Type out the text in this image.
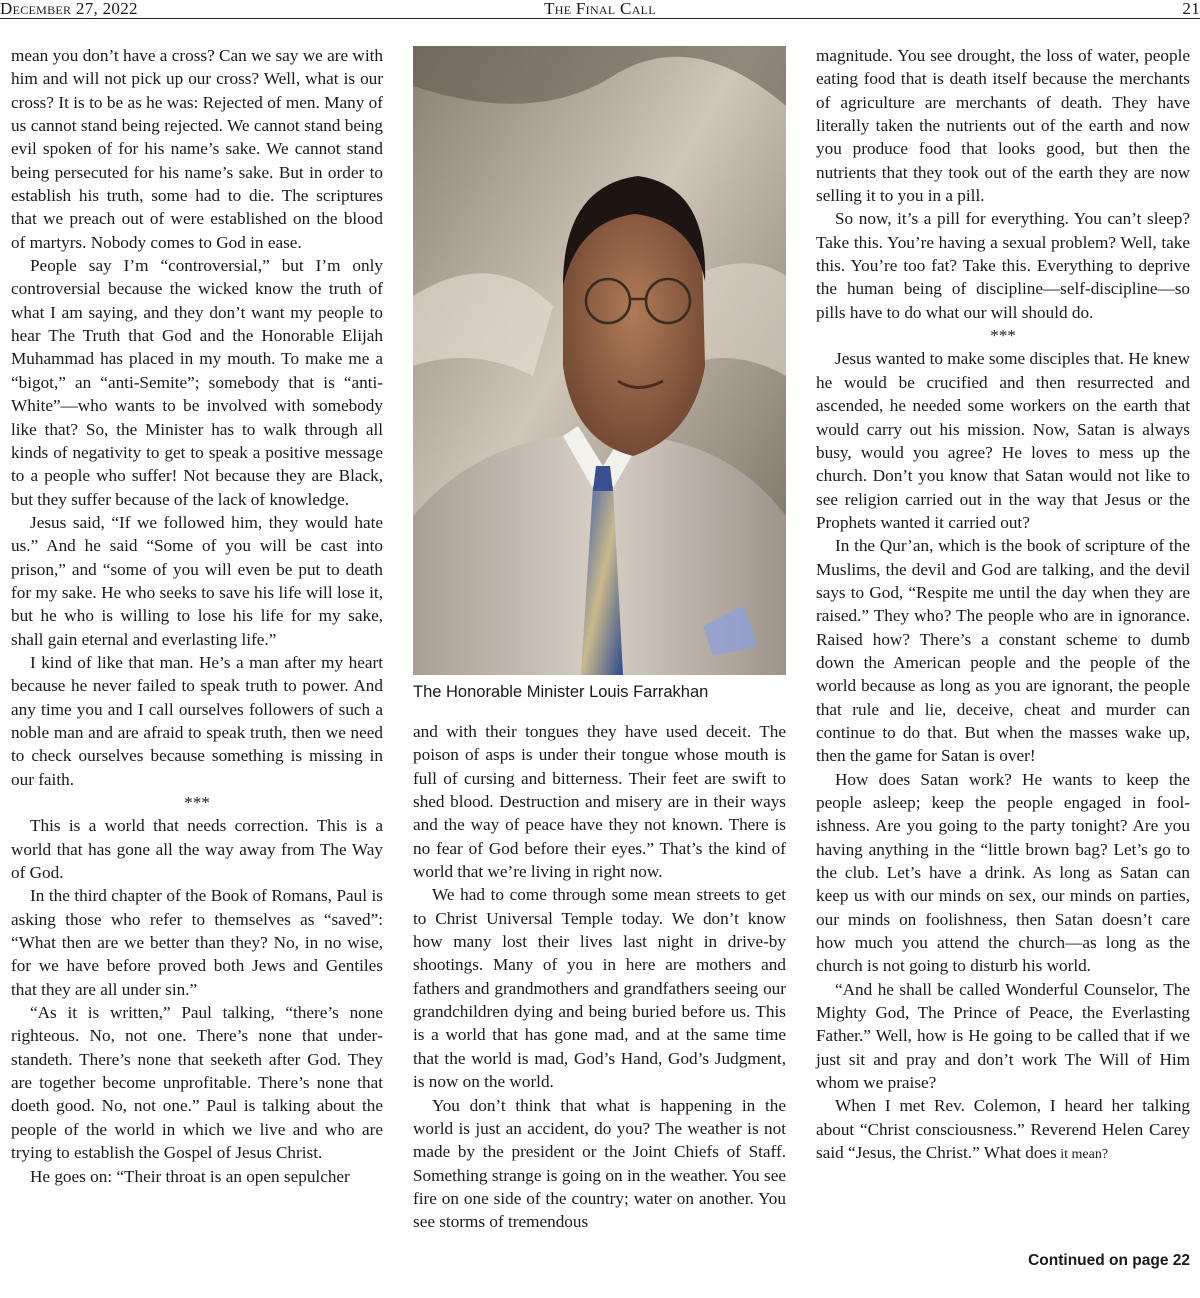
December 27, 2022	The Final Call	21

mean you don’t have a cross? Can we say we are with him and will not pick up our cross? Well, what is our cross? It is to be as he was: Rejected of men. Many of us cannot stand being rejected. We cannot stand being evil spoken of for his name’s sake. We cannot stand being persecuted for his name’s sake. But in order to establish his truth, some had to die. The scriptures that we preach out of were established on the blood of martyrs. Nobody comes to God in ease.

People say I’m “controversial,” but I’m only controversial because the wicked know the truth of what I am saying, and they don’t want my people to hear The Truth that God and the Honorable Elijah Muhammad has placed in my mouth. To make me a “bigot,” an “anti-Semite”; somebody that is “anti-White”—who wants to be involved with somebody like that? So, the Minister has to walk through all kinds of negativity to get to speak a positive message to a people who suffer! Not because they are Black, but they suffer because of the lack of knowledge.

Jesus said, “If we followed him, they would hate us.” And he said “Some of you will be cast into prison,” and “some of you will even be put to death for my sake. He who seeks to save his life will lose it, but he who is willing to lose his life for my sake, shall gain eternal and everlasting life.”

I kind of like that man. He’s a man after my heart because he never failed to speak truth to power. And any time you and I call ourselves followers of such a noble man and are afraid to speak truth, then we need to check ourselves because something is missing in our faith.

***

This is a world that needs correction. This is a world that has gone all the way away from The Way of God.

In the third chapter of the Book of Romans, Paul is asking those who refer to themselves as “saved”: “What then are we better than they? No, in no wise, for we have before proved both Jews and Gentiles that they are all under sin.”

“As it is written,” Paul talking, “there’s none righteous. No, not one. There’s none that understandeth. There’s none that seeketh after God. They are together become unprofitable. There’s none that doeth good. No, not one.” Paul is talking about the people of the world in which we live and who are trying to establish the Gospel of Jesus Christ.

He goes on: “Their throat is an open sepulcher

The Honorable Minister Louis Farrakhan

and with their tongues they have used deceit. The poison of asps is under their tongue whose mouth is full of cursing and bitterness. Their feet are swift to shed blood. Destruction and misery are in their ways and the way of peace have they not known. There is no fear of God before their eyes.” That’s the kind of world that we’re living in right now.

We had to come through some mean streets to get to Christ Universal Temple today. We don’t know how many lost their lives last night in drive-by shootings. Many of you in here are mothers and fathers and grandmothers and grandfathers seeing our grandchildren dying and being buried before us. This is a world that has gone mad, and at the same time that the world is mad, God’s Hand, God’s Judgment, is now on the world.

You don’t think that what is happening in the world is just an accident, do you? The weather is not made by the president or the Joint Chiefs of Staff. Something strange is going on in the weather. You see fire on one side of the country; water on another. You see storms of tremendous

magnitude. You see drought, the loss of water, people eating food that is death itself because the merchants of agriculture are merchants of death. They have literally taken the nutrients out of the earth and now you produce food that looks good, but then the nutrients that they took out of the earth they are now selling it to you in a pill.

So now, it’s a pill for everything. You can’t sleep? Take this. You’re having a sexual problem? Well, take this. You’re too fat? Take this. Everything to deprive the human being of discipline—self-discipline—so pills have to do what our will should do.

***

Jesus wanted to make some disciples that. He knew he would be crucified and then resurrected and ascended, he needed some workers on the earth that would carry out his mission. Now, Satan is always busy, would you agree? He loves to mess up the church. Don’t you know that Satan would not like to see religion carried out in the way that Jesus or the Prophets wanted it carried out?

In the Qur’an, which is the book of scripture of the Muslims, the devil and God are talking, and the devil says to God, “Respite me until the day when they are raised.” They who? The people who are in ignorance. Raised how? There’s a constant scheme to dumb down the American people and the people of the world because as long as you are ignorant, the people that rule and lie, deceive, cheat and murder can continue to do that. But when the masses wake up, then the game for Satan is over!

How does Satan work? He wants to keep the people asleep; keep the people engaged in foolishness. Are you going to the party tonight? Are you having anything in the “little brown bag? Let’s go to the club. Let’s have a drink. As long as Satan can keep us with our minds on sex, our minds on parties, our minds on foolishness, then Satan doesn’t care how much you attend the church—as long as the church is not going to disturb his world.

“And he shall be called Wonderful Counselor, The Mighty God, The Prince of Peace, the Everlasting Father.” Well, how is He going to be called that if we just sit and pray and don’t work The Will of Him whom we praise?

When I met Rev. Colemon, I heard her talking about “Christ consciousness.” Reverend Helen Carey said “Jesus, the Christ.” What does it mean?

Continued on page 22
